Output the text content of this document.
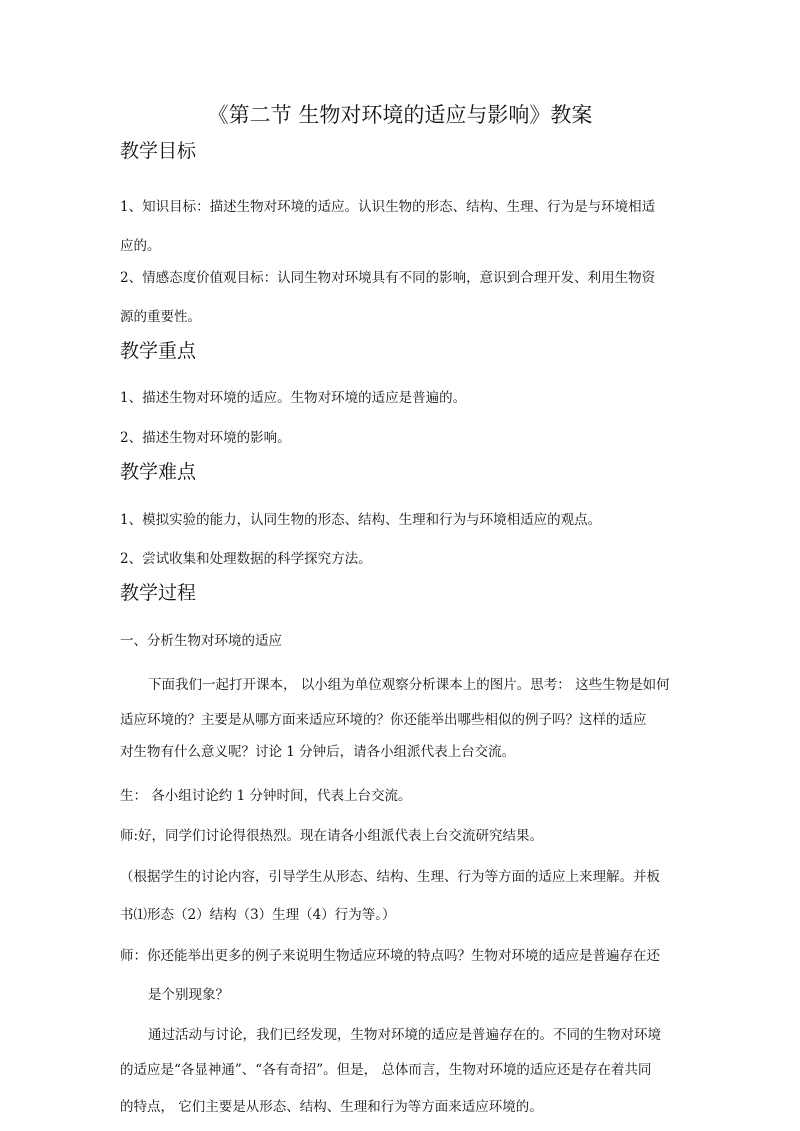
《第二节 生物对环境的适应与影响》教案
教学目标
1、知识目标：描述生物对环境的适应。认识生物的形态、结构、生理、行为是与环境相适
应的。
2、情感态度价值观目标：认同生物对环境具有不同的影响，意识到合理开发、利用生物资
源的重要性。
教学重点
1、描述生物对环境的适应。生物对环境的适应是普遍的。
2、描述生物对环境的影响。
教学难点
1、模拟实验的能力，认同生物的形态、结构、生理和行为与环境相适应的观点。
2、尝试收集和处理数据的科学探究方法。
教学过程
一、分析生物对环境的适应
下面我们一起打开课本， 以小组为单位观察分析课本上的图片。思考： 这些生物是如何
适应环境的？主要是从哪方面来适应环境的？你还能举出哪些相似的例子吗？这样的适应
对生物有什么意义呢？讨论 1 分钟后，请各小组派代表上台交流。
生： 各小组讨论约 1 分钟时间，代表上台交流。
师:好，同学们讨论得很热烈。现在请各小组派代表上台交流研究结果。
（根据学生的讨论内容，引导学生从形态、结构、生理、行为等方面的适应上来理解。并板
书⑴形态（2）结构（3）生理（4）行为等。）
师：你还能举出更多的例子来说明生物适应环境的特点吗？生物对环境的适应是普遍存在还
是个别现象？
通过活动与讨论，我们已经发现，生物对环境的适应是普遍存在的。不同的生物对环境
的适应是“各显神通”、“各有奇招”。但是， 总体而言，生物对环境的适应还是存在着共同
的特点， 它们主要是从形态、结构、生理和行为等方面来适应环境的。
